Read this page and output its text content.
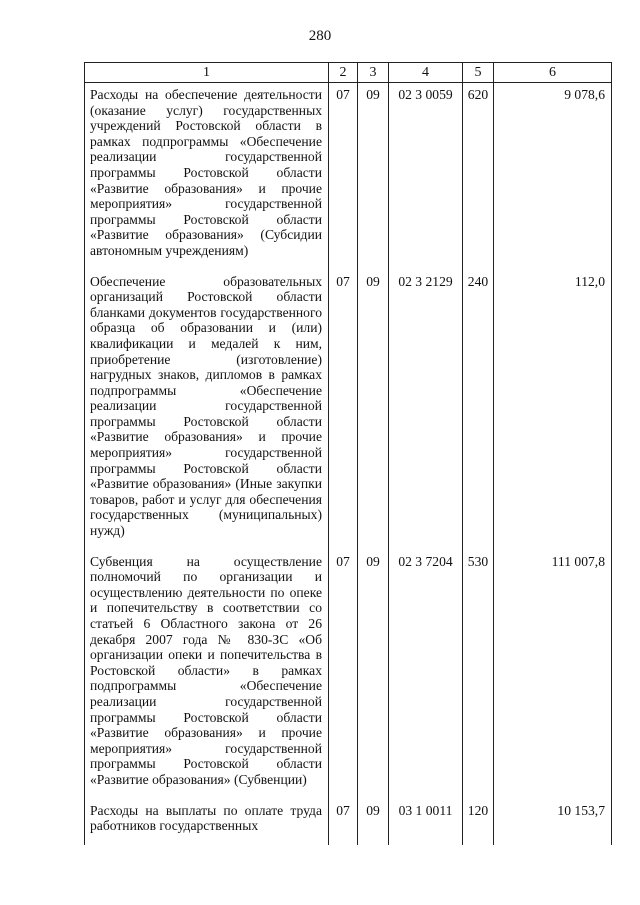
280
1	2	3	4	5	6
Расходы на обеспечение деятельности (оказание услуг) государственных учреждений Ростовской области в рамках подпрограммы «Обеспечение реализации государственной программы Ростовской области «Развитие образования» и прочие мероприятия» государственной программы Ростовской области «Развитие образования» (Субсидии автономным учреждениям)	07	09	02 3 0059	620	9 078,6
Обеспечение образовательных организаций Ростовской области бланками документов государственного образца об образовании и (или) квалификации и медалей к ним, приобретение (изготовление) нагрудных знаков, дипломов в рамках подпрограммы «Обеспечение реализации государственной программы Ростовской области «Развитие образования» и прочие мероприятия» государственной программы Ростовской области «Развитие образования» (Иные закупки товаров, работ и услуг для обеспечения государственных (муниципальных) нужд)	07	09	02 3 2129	240	112,0
Субвенция на осуществление полномочий по организации и осуществлению деятельности по опеке и попечительству в соответствии со статьей 6 Областного закона от 26 декабря 2007 года № 830-ЗС «Об организации опеки и попечительства в Ростовской области» в рамках подпрограммы «Обеспечение реализации государственной программы Ростовской области «Развитие образования» и прочие мероприятия» государственной программы Ростовской области «Развитие образования» (Субвенции)	07	09	02 3 7204	530	111 007,8
Расходы на выплаты по оплате труда работников государственных	07	09	03 1 0011	120	10 153,7
